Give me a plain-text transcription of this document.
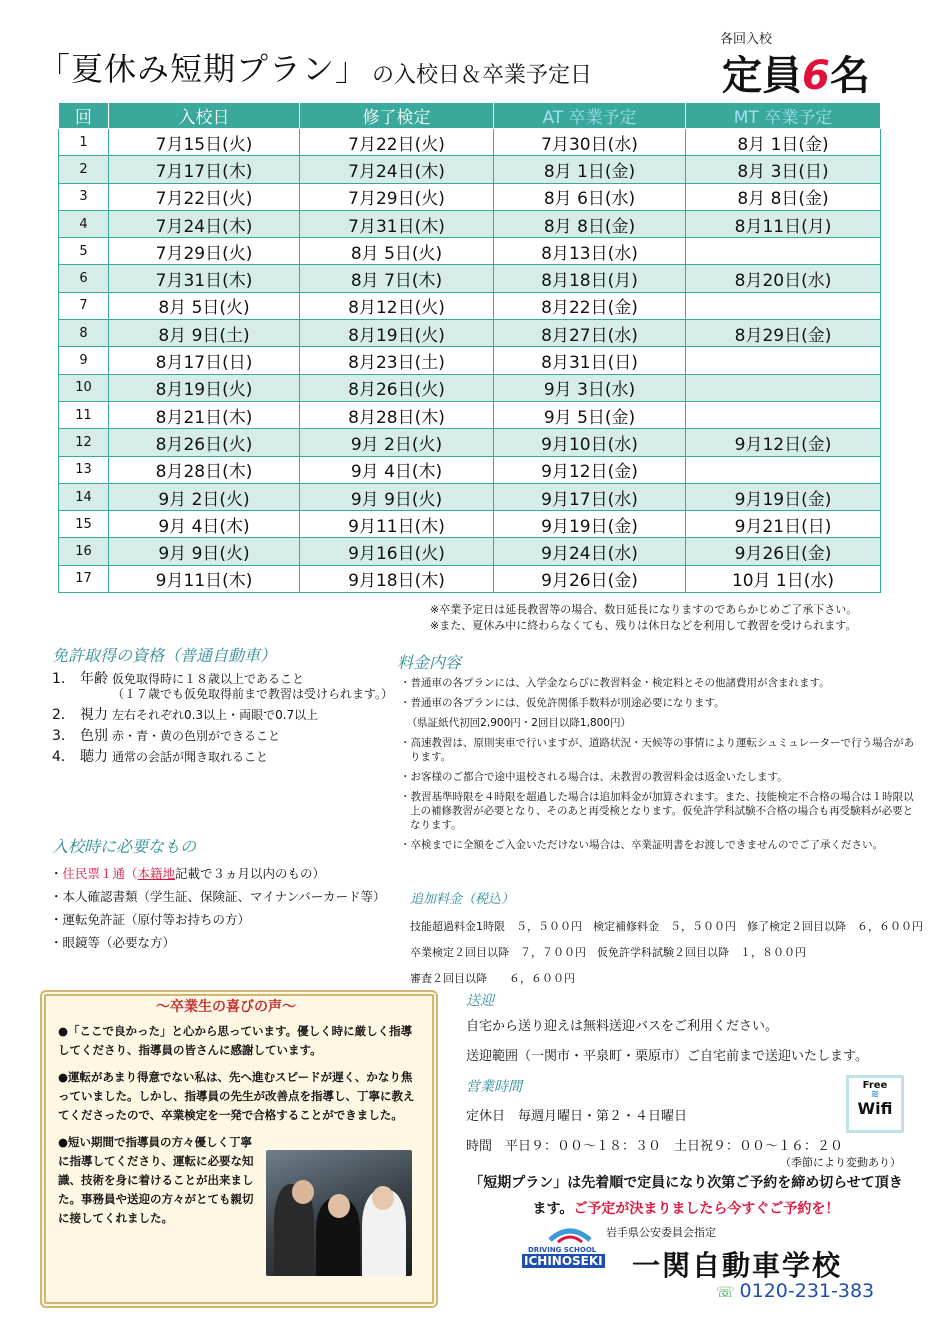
「夏休み短期プラン」 の入校日＆卒業予定日
各回入校
定員6名
回	入校日	修了検定	AT 卒業予定	MT 卒業予定
1	7月15日(火)	7月22日(火)	7月30日(水)	8月 1日(金)
2	7月17日(木)	7月24日(木)	8月 1日(金)	8月 3日(日)
3	7月22日(火)	7月29日(火)	8月 6日(水)	8月 8日(金)
4	7月24日(木)	7月31日(木)	8月 8日(金)	8月11日(月)
5	7月29日(火)	8月 5日(火)	8月13日(水)	
6	7月31日(木)	8月 7日(木)	8月18日(月)	8月20日(水)
7	8月 5日(火)	8月12日(火)	8月22日(金)	
8	8月 9日(土)	8月19日(火)	8月27日(水)	8月29日(金)
9	8月17日(日)	8月23日(土)	8月31日(日)	
10	8月19日(火)	8月26日(火)	9月 3日(水)	
11	8月21日(木)	8月28日(木)	9月 5日(金)	
12	8月26日(火)	9月 2日(火)	9月10日(水)	9月12日(金)
13	8月28日(木)	9月 4日(木)	9月12日(金)	
14	9月 2日(火)	9月 9日(火)	9月17日(水)	9月19日(金)
15	9月 4日(木)	9月11日(木)	9月19日(金)	9月21日(日)
16	9月 9日(火)	9月16日(火)	9月24日(水)	9月26日(金)
17	9月11日(木)	9月18日(木)	9月26日(金)	10月 1日(水)
※卒業予定日は延長教習等の場合、数日延長になりますのであらかじめご了承下さい。
※また、夏休み中に終わらなくても、残りは休日などを利用して教習を受けられます。
免許取得の資格（普通自動車）
1． 年齢 仮免取得時に１８歳以上であること
（１７歳でも仮免取得前まで教習は受けられます。）
2． 視力 左右それぞれ0.3以上・両眼で0.7以上

3． 色別 赤・青・黄の色別ができること

4． 聴力 通常の会話が聞き取れること

入校時に必要なもの
・住民票１通（本籍地記載で３ヵ月以内のもの）
・本人確認書類（学生証、保険証、マイナンバーカード等）
・運転免許証（原付等お持ちの方）
・眼鏡等（必要な方）
料金内容
・普通車の各プランには、入学金ならびに教習料金・検定料とその他諸費用が含まれます。
・普通車の各プランには、仮免許関係手数料が別途必要になります。
（県証紙代初回2,900円・2回目以降1,800円）
・高速教習は、原則実車で行いますが、道路状況・天候等の事情により運転シュミュレーターで行う場合があります。
・お客様のご都合で途中退校される場合は、未教習の教習料金は返金いたします。
・教習基準時限を４時限を超過した場合は追加料金が加算されます。また、技能検定不合格の場合は１時限以上の補修教習が必要となり、そのあと再受検となります。仮免許学科試験不合格の場合も再受験料が必要となります。
・卒検までに全額をご入金いただけない場合は、卒業証明書をお渡しできませんのでご了承ください。
追加料金（税込）
技能超過料金1時限　５，５００円　検定補修料金　５，５００円　修了検定２回目以降　６，６００円
卒業検定２回目以降　７，７００円　仮免許学科試験２回目以降　１，８００円
審査２回目以降　　６，６００円
～卒業生の喜びの声～

●「ここで良かった」と心から思っています。優しく時に厳しく指導してくださり、指導員の皆さんに感謝しています。

●運転があまり得意でない私は、先へ進むスピードが遅く、かなり焦っていました。しかし、指導員の先生が改善点を指導し、丁寧に教えてくださったので、卒業検定を一発で合格することができました。

●短い期間で指導員の方々優しく丁寧に指導してくださり、運転に必要な知識、技術を身に着けることが出来ました。事務員や送迎の方々がとても親切に接してくれました。

送迎
自宅から送り迎えは無料送迎バスをご利用ください。
送迎範囲（一関市・平泉町・栗原市）ご自宅前まで送迎いたします。
営業時間
定休日　毎週月曜日・第２・４日曜日
時間　平日９：００～１８：３０　土日祝９：００～１６：２０
Free
≋
Wifi
（季節により変動あり）
「短期プラン」は先着順で定員になり次第ご予約を締め切らせて頂きます。ご予定が決まりましたら今すぐご予約を！
岩手県公安委員会指定
DRIVING SCHOOL
ICHINOSEKI 一関自動車学校
☏ 0120-231-383
